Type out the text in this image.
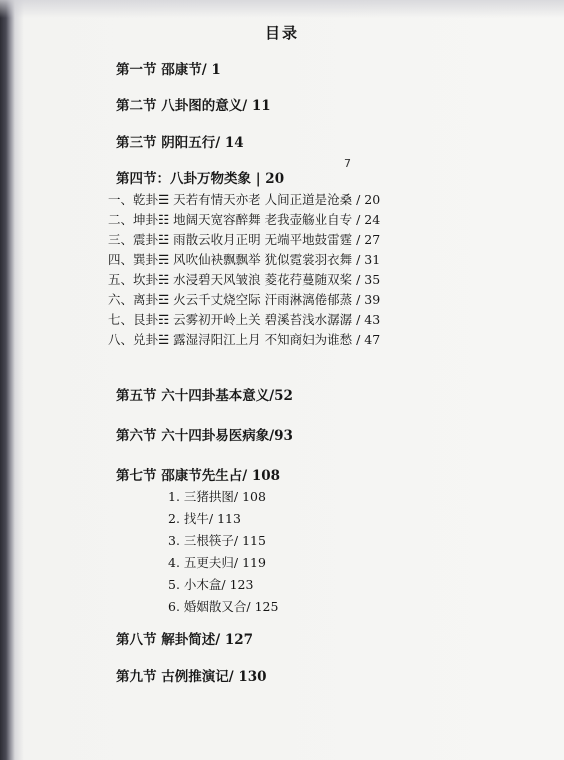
目录
7
第一节 邵康节/ 1
第二节 八卦图的意义/ 11
第三节 阴阳五行/ 14
第四节：八卦万物类象 | 20
一、乾卦☰ 天若有情天亦老 人间正道是沧桑 / 20
二、坤卦☷ 地阔天宽容醉舞 老我壶觞业自专 / 24
三、震卦☳ 雨散云收月正明 无端平地鼓雷霆 / 27
四、巽卦☴ 风吹仙袂飘飘举 犹似霓裳羽衣舞 / 31
五、坎卦☵ 水浸碧天风皱浪 菱花荇蔓随双桨 / 35
六、离卦☲ 火云千丈烧空际 汗雨淋漓倦郁蒸 / 39
七、艮卦☶ 云雾初开岭上关 碧溪苔浅水潺潺 / 43
八、兑卦☱ 露湿浔阳江上月 不知商妇为谁愁 / 47
第五节 六十四卦基本意义/52
第六节 六十四卦易医病象/93
第七节 邵康节先生占/ 108
1. 三猪拱图/ 108
2. 找牛/ 113
3. 三根筷子/ 115
4. 五更夫归/ 119
5. 小木盒/ 123
6. 婚姻散又合/ 125
第八节 解卦简述/ 127
第九节 古例推演记/ 130
